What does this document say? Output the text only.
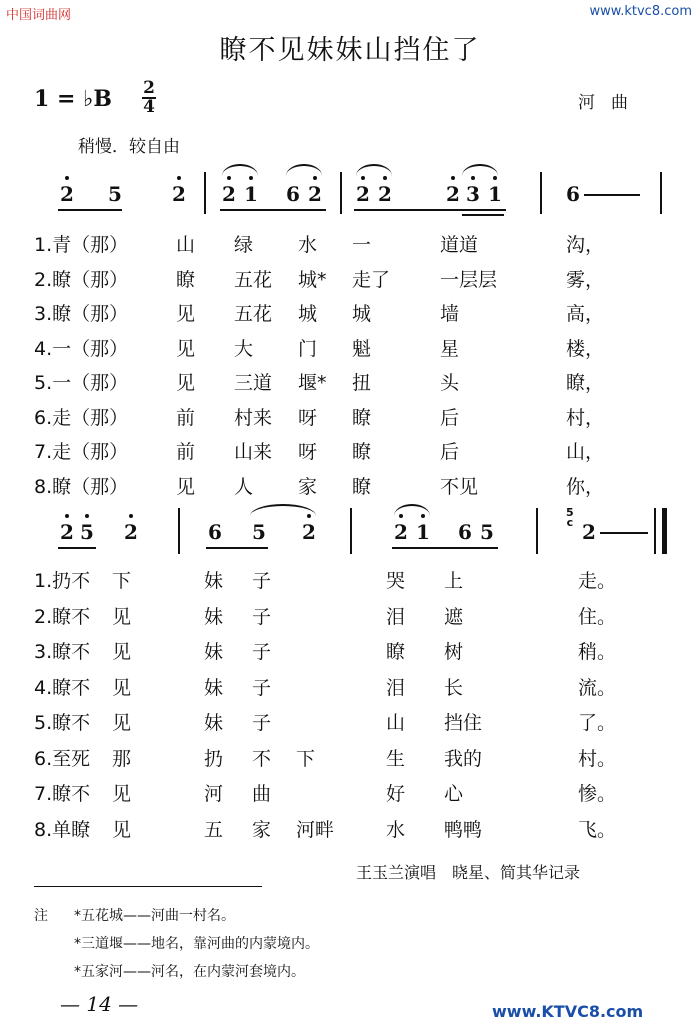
中国词曲网	www.ktvc8.com
瞭不见妹妹山挡住了
1 = ♭B 2
4	河曲
稍慢．较自由
2 5	2 2 1 6 2 2 2	2 3 1	6
1.青（那）	山 绿 水 一	道道	沟，
2.瞭（那）	瞭 五花 城* 走了	一层层	雾，
3.瞭（那）	见 五花 城 城	墙	高，
4.一（那）	见 大 门 魁	星	楼，
5.一（那）	见 三道 堰* 扭	头	瞭，
6.走（那）	前 村来 呀 瞭	后	村，
7.走（那）	前 山来 呀 瞭	后	山，
8.瞭（那）	见 人 家 瞭	不见	你，
2 5 2	6 5 2	2 1 6 5
5
c 2
1.扔不 下	妹 子	哭 上	走。
2.瞭不 见	妹 子	泪 遮	住。
3.瞭不 见	妹 子	瞭 树	稍。
4.瞭不 见	妹 子	泪 长	流。
5.瞭不 见	妹 子	山 挡住	了。
6.至死 那	扔 不 下	生 我的	村。
7.瞭不 见	河 曲	好 心	惨。
8.单瞭 见	五 家 河畔	水 鸭鸭	飞。
王玉兰演唱　晓星、简其华记录
注 *五花城——河曲一村名。
*三道堰——地名，靠河曲的内蒙境内。
*五家河——河名，在内蒙河套境内。
— 14 —	www.KTVC8.com
